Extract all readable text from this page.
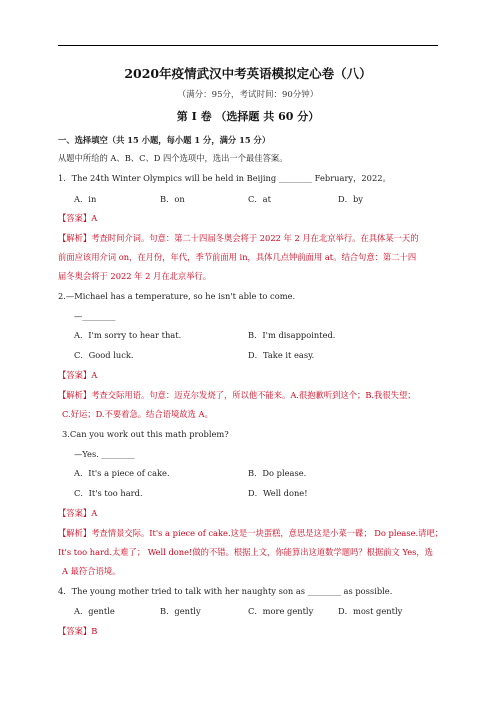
2020年疫情武汉中考英语模拟定心卷（八）
（满分：95分，考试时间：90分钟）
第 I 卷 （选择题 共 60 分）
一、选择填空（共 15 小题，每小题 1 分，满分 15 分）
从题中所给的 A、B、C、D 四个选项中，选出一个最佳答案。
1．The 24th Winter Olympics will be held in Beijing ________ February，2022。
A．in	B．on	C．at	D．by
【答案】A
【解析】考查时间介词。句意：第二十四届冬奥会将于 2022 年 2 月在北京举行。在具体某一天的
前面应该用介词 on，在月份，年代，季节前面用 in，具体几点钟前面用 at。结合句意：第二十四
届冬奥会将于 2022 年 2 月在北京举行。
2.—Michael has a temperature, so he isn't able to come.
—________
A．I'm sorry to hear that.	B．I'm disappointed.
C．Good luck.	D．Take it easy.
【答案】A
【解析】考查交际用语。句意：迈克尔发烧了，所以他不能来。A.很抱歉听到这个；B.我很失望；
C.好运；D.不要着急。结合语境故选 A。
3.Can you work out this math problem?
—Yes. ________
A．It's a piece of cake.	B．Do please.
C．It's too hard.	D．Well done!
【答案】A
【解析】考查情景交际。It's a piece of cake.这是一块蛋糕，意思是这是小菜一碟； Do please.请吧；
It's too hard.太难了； Well done!做的不错。根据上文，你能算出这道数学题吗？根据前文 Yes，选
A 最符合语境。
4．The young mother tried to talk with her naughty son as ________ as possible.
A．gentle	B．gently	C．more gently	D．most gently
【答案】B
